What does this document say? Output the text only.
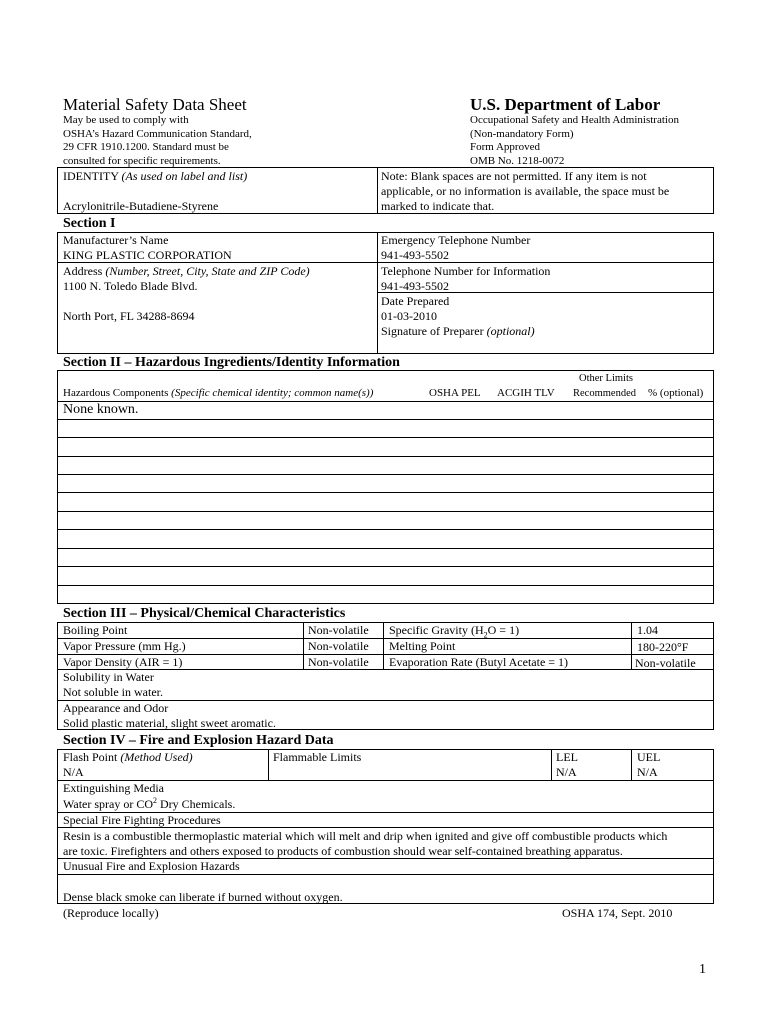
Material Safety Data Sheet
May be used to comply with
OSHA’s Hazard Communication Standard,
29 CFR 1910.1200. Standard must be
consulted for specific requirements.
U.S. Department of Labor
Occupational Safety and Health Administration
(Non-mandatory Form)
Form Approved
OMB No. 1218-0072
IDENTITY (As used on label and list)
Acrylonitrile-Butadiene-Styrene
Note: Blank spaces are not permitted. If any item is not
applicable, or no information is available, the space must be
marked to indicate that.
Section I
Manufacturer’s Name
KING PLASTIC CORPORATION
Address (Number, Street, City, State and ZIP Code)
1100 N. Toledo Blade Blvd.
North Port, FL 34288-8694
Emergency Telephone Number
941-493-5502
Telephone Number for Information
941-493-5502
Date Prepared
01-03-2010
Signature of Preparer (optional)
Section II – Hazardous Ingredients/Identity Information
Other Limits
Hazardous Components (Specific chemical identity; common name(s))	OSHA PEL ACGIH TLV Recommended % (optional)
None known.
Section III – Physical/Chemical Characteristics
Boiling Point	Non-volatile Specific Gravity $(H_2O = 1)$	1.04
Vapor Pressure (mm Hg.)	Non-volatile Melting Point	180-220°F
Vapor Density (AIR = 1)	Non-volatile Evaporation Rate (Butyl Acetate = 1)	Non-volatile
Solubility in Water
Not soluble in water.
Appearance and Odor
Solid plastic material, slight sweet aromatic.
Section IV – Fire and Explosion Hazard Data
Flash Point (Method Used)
N/A
Flammable Limits	LEL
N/A
UEL
N/A
Extinguishing Media
Water spray or $CO^2$ Dry Chemicals.
Special Fire Fighting Procedures
Resin is a combustible thermoplastic material which will melt and drip when ignited and give off combustible products which
are toxic. Firefighters and others exposed to products of combustion should wear self-contained breathing apparatus.
Unusual Fire and Explosion Hazards
Dense black smoke can liberate if burned without oxygen.
(Reproduce locally)	OSHA 174, Sept. 2010
1
